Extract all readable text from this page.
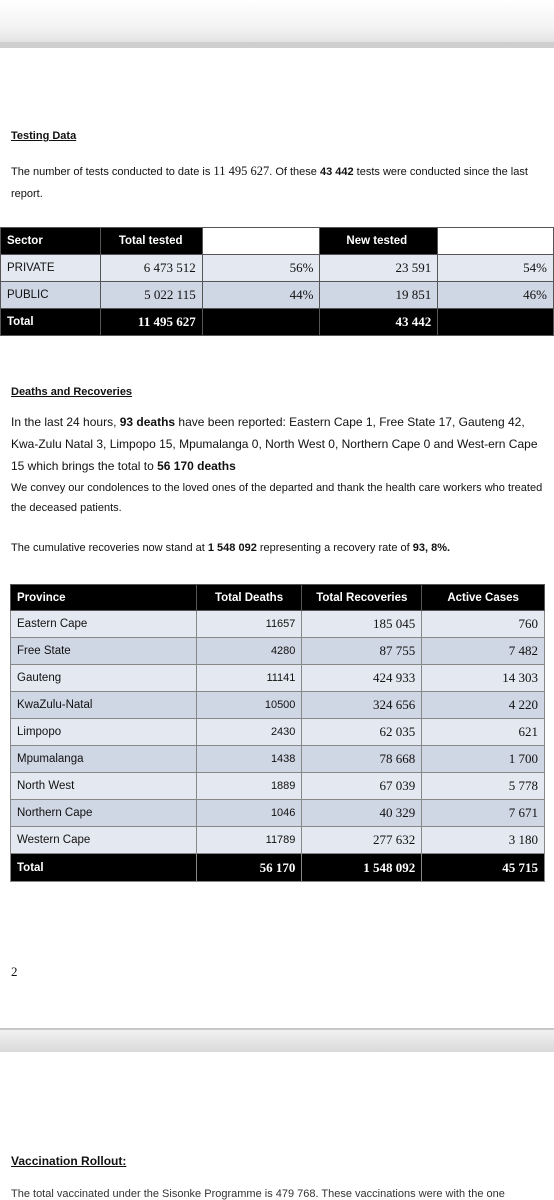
Testing Data

The number of tests conducted to date is 11 495 627. Of these 43 442 tests were conducted since the last report.

Sector	Total tested		New tested	
PRIVATE	6 473 512	56%	23 591	54%
PUBLIC	5 022 115	44%	19 851	46%
Total	11 495 627		43 442	
Deaths and Recoveries

In the last 24 hours, 93 deaths have been reported: Eastern Cape 1, Free State 17, Gauteng 42, Kwa-Zulu Natal 3, Limpopo 15, Mpumalanga 0, North West 0, Northern Cape 0 and West-ern Cape 15 which brings the total to 56 170 deaths

We convey our condolences to the loved ones of the departed and thank the health care workers who treated the deceased patients.

The cumulative recoveries now stand at 1 548 092 representing a recovery rate of 93, 8%.

Province	Total Deaths	Total Recoveries	Active Cases
Eastern Cape	11657	185 045	760
Free State	4280	87 755	7 482
Gauteng	11141	424 933	14 303
KwaZulu-Natal	10500	324 656	4 220
Limpopo	2430	62 035	621
Mpumalanga	1438	78 668	1 700
North West	1889	67 039	5 778
Northern Cape	1046	40 329	7 671
Western Cape	11789	277 632	3 180
Total	56 170	1 548 092	45 715
2
Vaccination Rollout:
The total vaccinated under the Sisonke Programme is 479 768. These vaccinations were with the one
